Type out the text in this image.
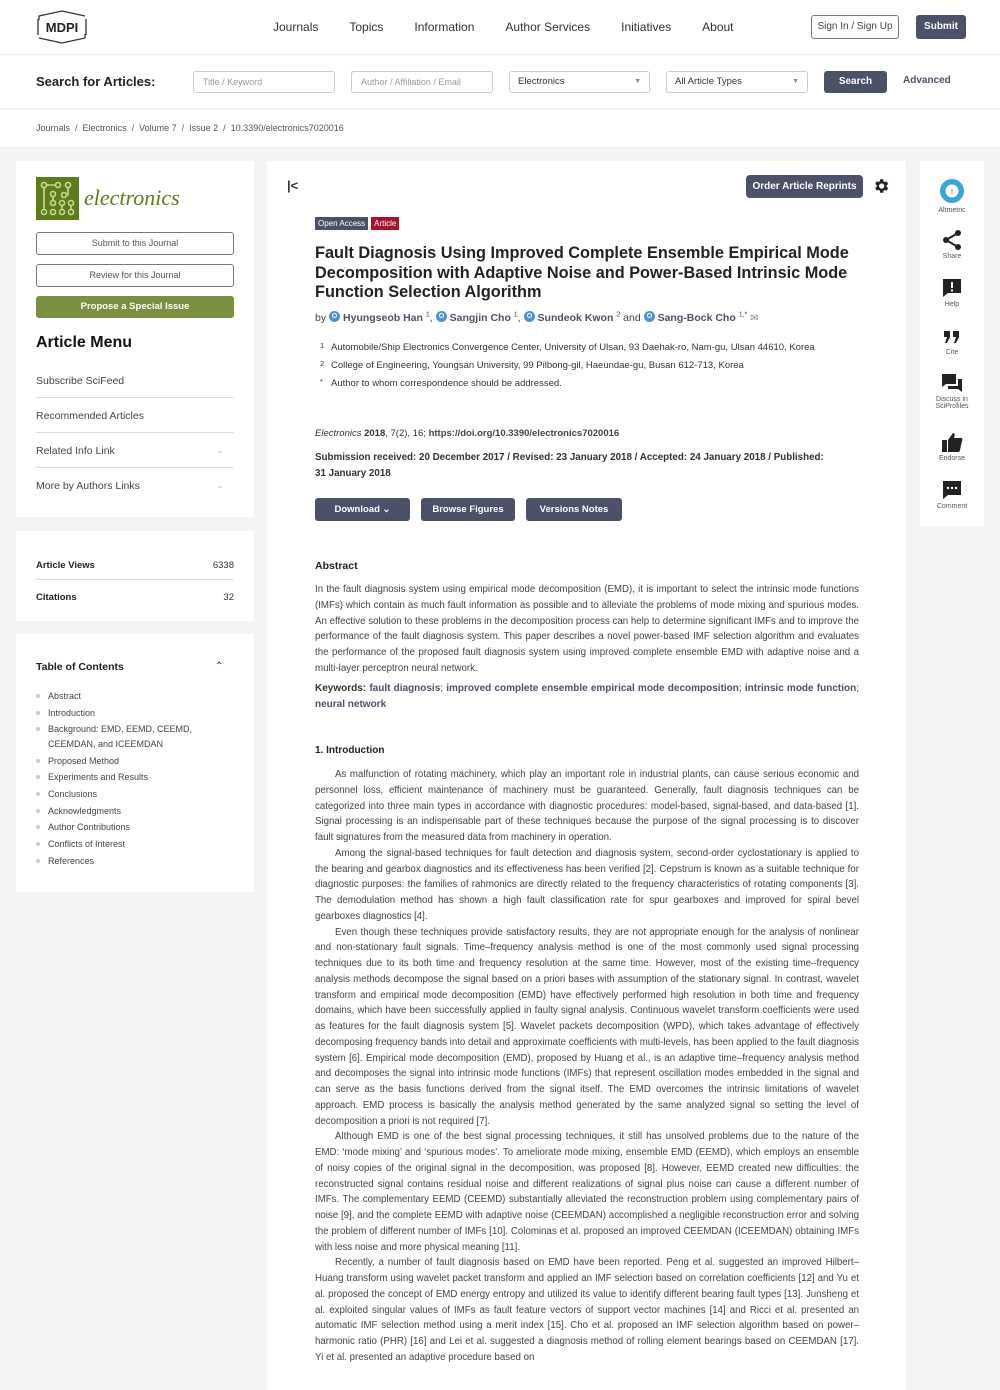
MDPI	Journals	Topics	Information	Author Services	Initiatives	About	Sign In / Sign Up	Submit
Search for Articles:	Title / Keyword	Author / Affiliation / Email	Electronics	▼	All Article Types	▼	Search	Advanced
Journals / Electronics / Volume 7 / Issue 2 / 10.3390/electronics7020016
electronics
Submit to this Journal
Review for this Journal
Propose a Special Issue
Article Menu
Subscribe SciFeed
Recommended Articles
Related Info Link	⌄
More by Authors Links	⌄
Article Views	6338
Citations	32
Table of Contents	⌃
Abstract
Introduction
Background: EMD, EEMD, CEEMD, CEEMDAN, and ICEEMDAN
Proposed Method
Experiments and Results
Conclusions
Acknowledgments
Author Contributions
Conflicts of Interest
References
|<	Order Article Reprints
Open Access	Article
Fault Diagnosis Using Improved Complete Ensemble Empirical Mode Decomposition with Adaptive Noise and Power-Based Intrinsic Mode Function Selection Algorithm
by Hyungseob Han $^1$, Sangjin Cho $^1$, Sundeok Kwon $^2$ and Sang-Bock Cho $^{1,*}$ ✉
1 Automobile/Ship Electronics Convergence Center, University of Ulsan, 93 Daehak-ro, Nam-gu, Ulsan 44610, Korea
2 College of Engineering, Youngsan University, 99 Pilbong-gil, Haeundae-gu, Busan 612-713, Korea
* Author to whom correspondence should be addressed.
Electronics 2018, 7(2), 16; https://doi.org/10.3390/electronics7020016
Submission received: 20 December 2017 / Revised: 23 January 2018 / Accepted: 24 January 2018 / Published: 31 January 2018
Download ⌄	Browse Figures	Versions Notes
Abstract
In the fault diagnosis system using empirical mode decomposition (EMD), it is important to select the intrinsic mode functions (IMFs) which contain as much fault information as possible and to alleviate the problems of mode mixing and spurious modes. An effective solution to these problems in the decomposition process can help to determine significant IMFs and to improve the performance of the fault diagnosis system. This paper describes a novel power-based IMF selection algorithm and evaluates the performance of the proposed fault diagnosis system using improved complete ensemble EMD with adaptive noise and a multi-layer perceptron neural network.
Keywords: fault diagnosis; improved complete ensemble empirical mode decomposition; intrinsic mode function; neural network
1. Introduction

As malfunction of rotating machinery, which play an important role in industrial plants, can cause serious economic and personnel loss, efficient maintenance of machinery must be guaranteed. Generally, fault diagnosis techniques can be categorized into three main types in accordance with diagnostic procedures: model-based, signal-based, and data-based [1]. Signal processing is an indispensable part of these techniques because the purpose of the signal processing is to discover fault signatures from the measured data from machinery in operation.

Among the signal-based techniques for fault detection and diagnosis system, second-order cyclostationary is applied to the bearing and gearbox diagnostics and its effectiveness has been verified [2]. Cepstrum is known as a suitable technique for diagnostic purposes: the families of rahmonics are directly related to the frequency characteristics of rotating components [3]. The demodulation method has shown a high fault classification rate for spur gearboxes and improved for spiral bevel gearboxes diagnostics [4].

Even though these techniques provide satisfactory results, they are not appropriate enough for the analysis of nonlinear and non-stationary fault signals. Time–frequency analysis method is one of the most commonly used signal processing techniques due to its both time and frequency resolution at the same time. However, most of the existing time–frequency analysis methods decompose the signal based on a priori bases with assumption of the stationary signal. In contrast, wavelet transform and empirical mode decomposition (EMD) have effectively performed high resolution in both time and frequency domains, which have been successfully applied in faulty signal analysis. Continuous wavelet transform coefficients were used as features for the fault diagnosis system [5]. Wavelet packets decomposition (WPD), which takes advantage of effectively decomposing frequency bands into detail and approximate coefficients with multi-levels, has been applied to the fault diagnosis system [6]. Empirical mode decomposition (EMD), proposed by Huang et al., is an adaptive time–frequency analysis method and decomposes the signal into intrinsic mode functions (IMFs) that represent oscillation modes embedded in the signal and can serve as the basis functions derived from the signal itself. The EMD overcomes the intrinsic limitations of wavelet approach. EMD process is basically the analysis method generated by the same analyzed signal so setting the level of decomposition a priori is not required [7].

Although EMD is one of the best signal processing techniques, it still has unsolved problems due to the nature of the EMD: ‘mode mixing’ and ‘spurious modes’. To ameliorate mode mixing, ensemble EMD (EEMD), which employs an ensemble of noisy copies of the original signal in the decomposition, was proposed [8]. However, EEMD created new difficulties: the reconstructed signal contains residual noise and different realizations of signal plus noise can cause a different number of IMFs. The complementary EEMD (CEEMD) substantially alleviated the reconstruction problem using complementary pairs of noise [9], and the complete EEMD with adaptive noise (CEEMDAN) accomplished a negligible reconstruction error and solving the problem of different number of IMFs [10]. Colominas et al. proposed an improved CEEMDAN (ICEEMDAN) obtaining IMFs with less noise and more physical meaning [11].

Recently, a number of fault diagnosis based on EMD have been reported. Peng et al. suggested an improved Hilbert–Huang transform using wavelet packet transform and applied an IMF selection based on correlation coefficients [12] and Yu et al. proposed the concept of EMD energy entropy and utilized its value to identify different bearing fault types [13]. Junsheng et al. exploited singular values of IMFs as fault feature vectors of support vector machines [14] and Ricci et al. presented an automatic IMF selection method using a merit index [15]. Cho et al. proposed an IMF selection algorithm based on power–harmonic ratio (PHR) [16] and Lei et al. suggested a diagnosis method of rolling element bearings based on CEEMDAN [17]. Yi et al. presented an adaptive procedure based on

!
Altmetric
Share
Help
Cite
Discuss in SciProfiles
Endorse
Comment
